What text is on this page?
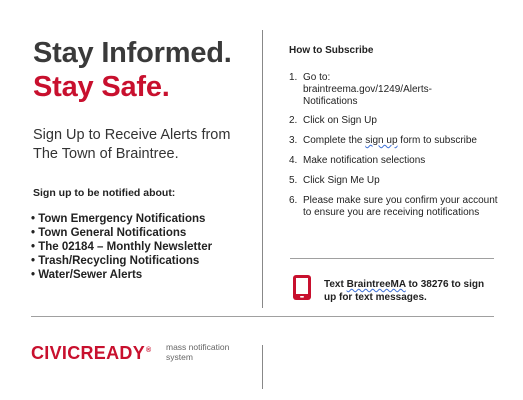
Stay Informed.
Stay Safe.
Sign Up to Receive Alerts from The Town of Braintree.
Sign up to be notified about:
• Town Emergency Notifications
• Town General Notifications
• The 02184 – Monthly Newsletter
• Trash/Recycling Notifications
• Water/Sewer Alerts
How to Subscribe
1. Go to:
braintreema.gov/1249/Alerts-
Notifications
2. Click on Sign Up
3. Complete the sign up form to subscribe
4. Make notification selections
5. Click Sign Me Up
6. Please make sure you confirm your account to ensure you are receiving notifications
Text BraintreeMA to 38276 to sign up for text messages.
CIVICREADY® mass notification
system
